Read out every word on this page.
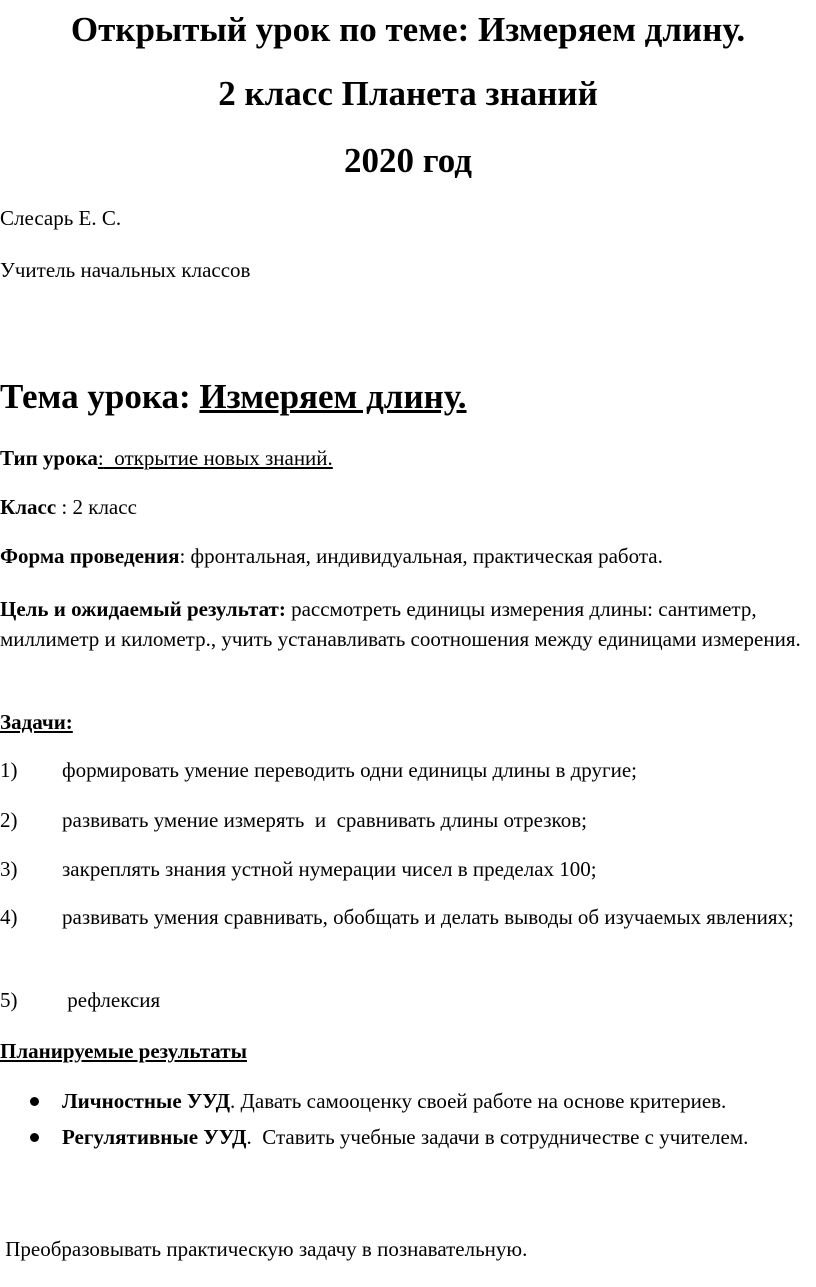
Открытый урок по теме: Измеряем длину.
2 класс Планета знаний
2020 год

Слесарь Е. С.

Учитель начальных классов

Тема урока: Измеряем длину.

Тип урока:  открытие новых знаний.

Класс : 2 класс

Форма проведения: фронтальная, индивидуальная, практическая работа.

Цель и ожидаемый результат: рассмотреть единицы измерения длины: сантиметр, миллиметр и километр., учить устанавливать соотношения между единицами измерения.

Задачи:

1) формировать умение переводить одни единицы длины в другие;

2) развивать умение измерять  и  сравнивать длины отрезков;

3) закреплять знания устной нумерации чисел в пределах 100;

4) развивать умения сравнивать, обобщать и делать выводы об изучаемых явлениях;

5) рефлексия

Планируемые результаты

Личностные УУД. Давать самооценку своей работе на основе критериев.
Регулятивные УУД.  Ставить учебные задачи в сотрудничестве с учителем.

Преобразовывать практическую задачу в познавательную.
